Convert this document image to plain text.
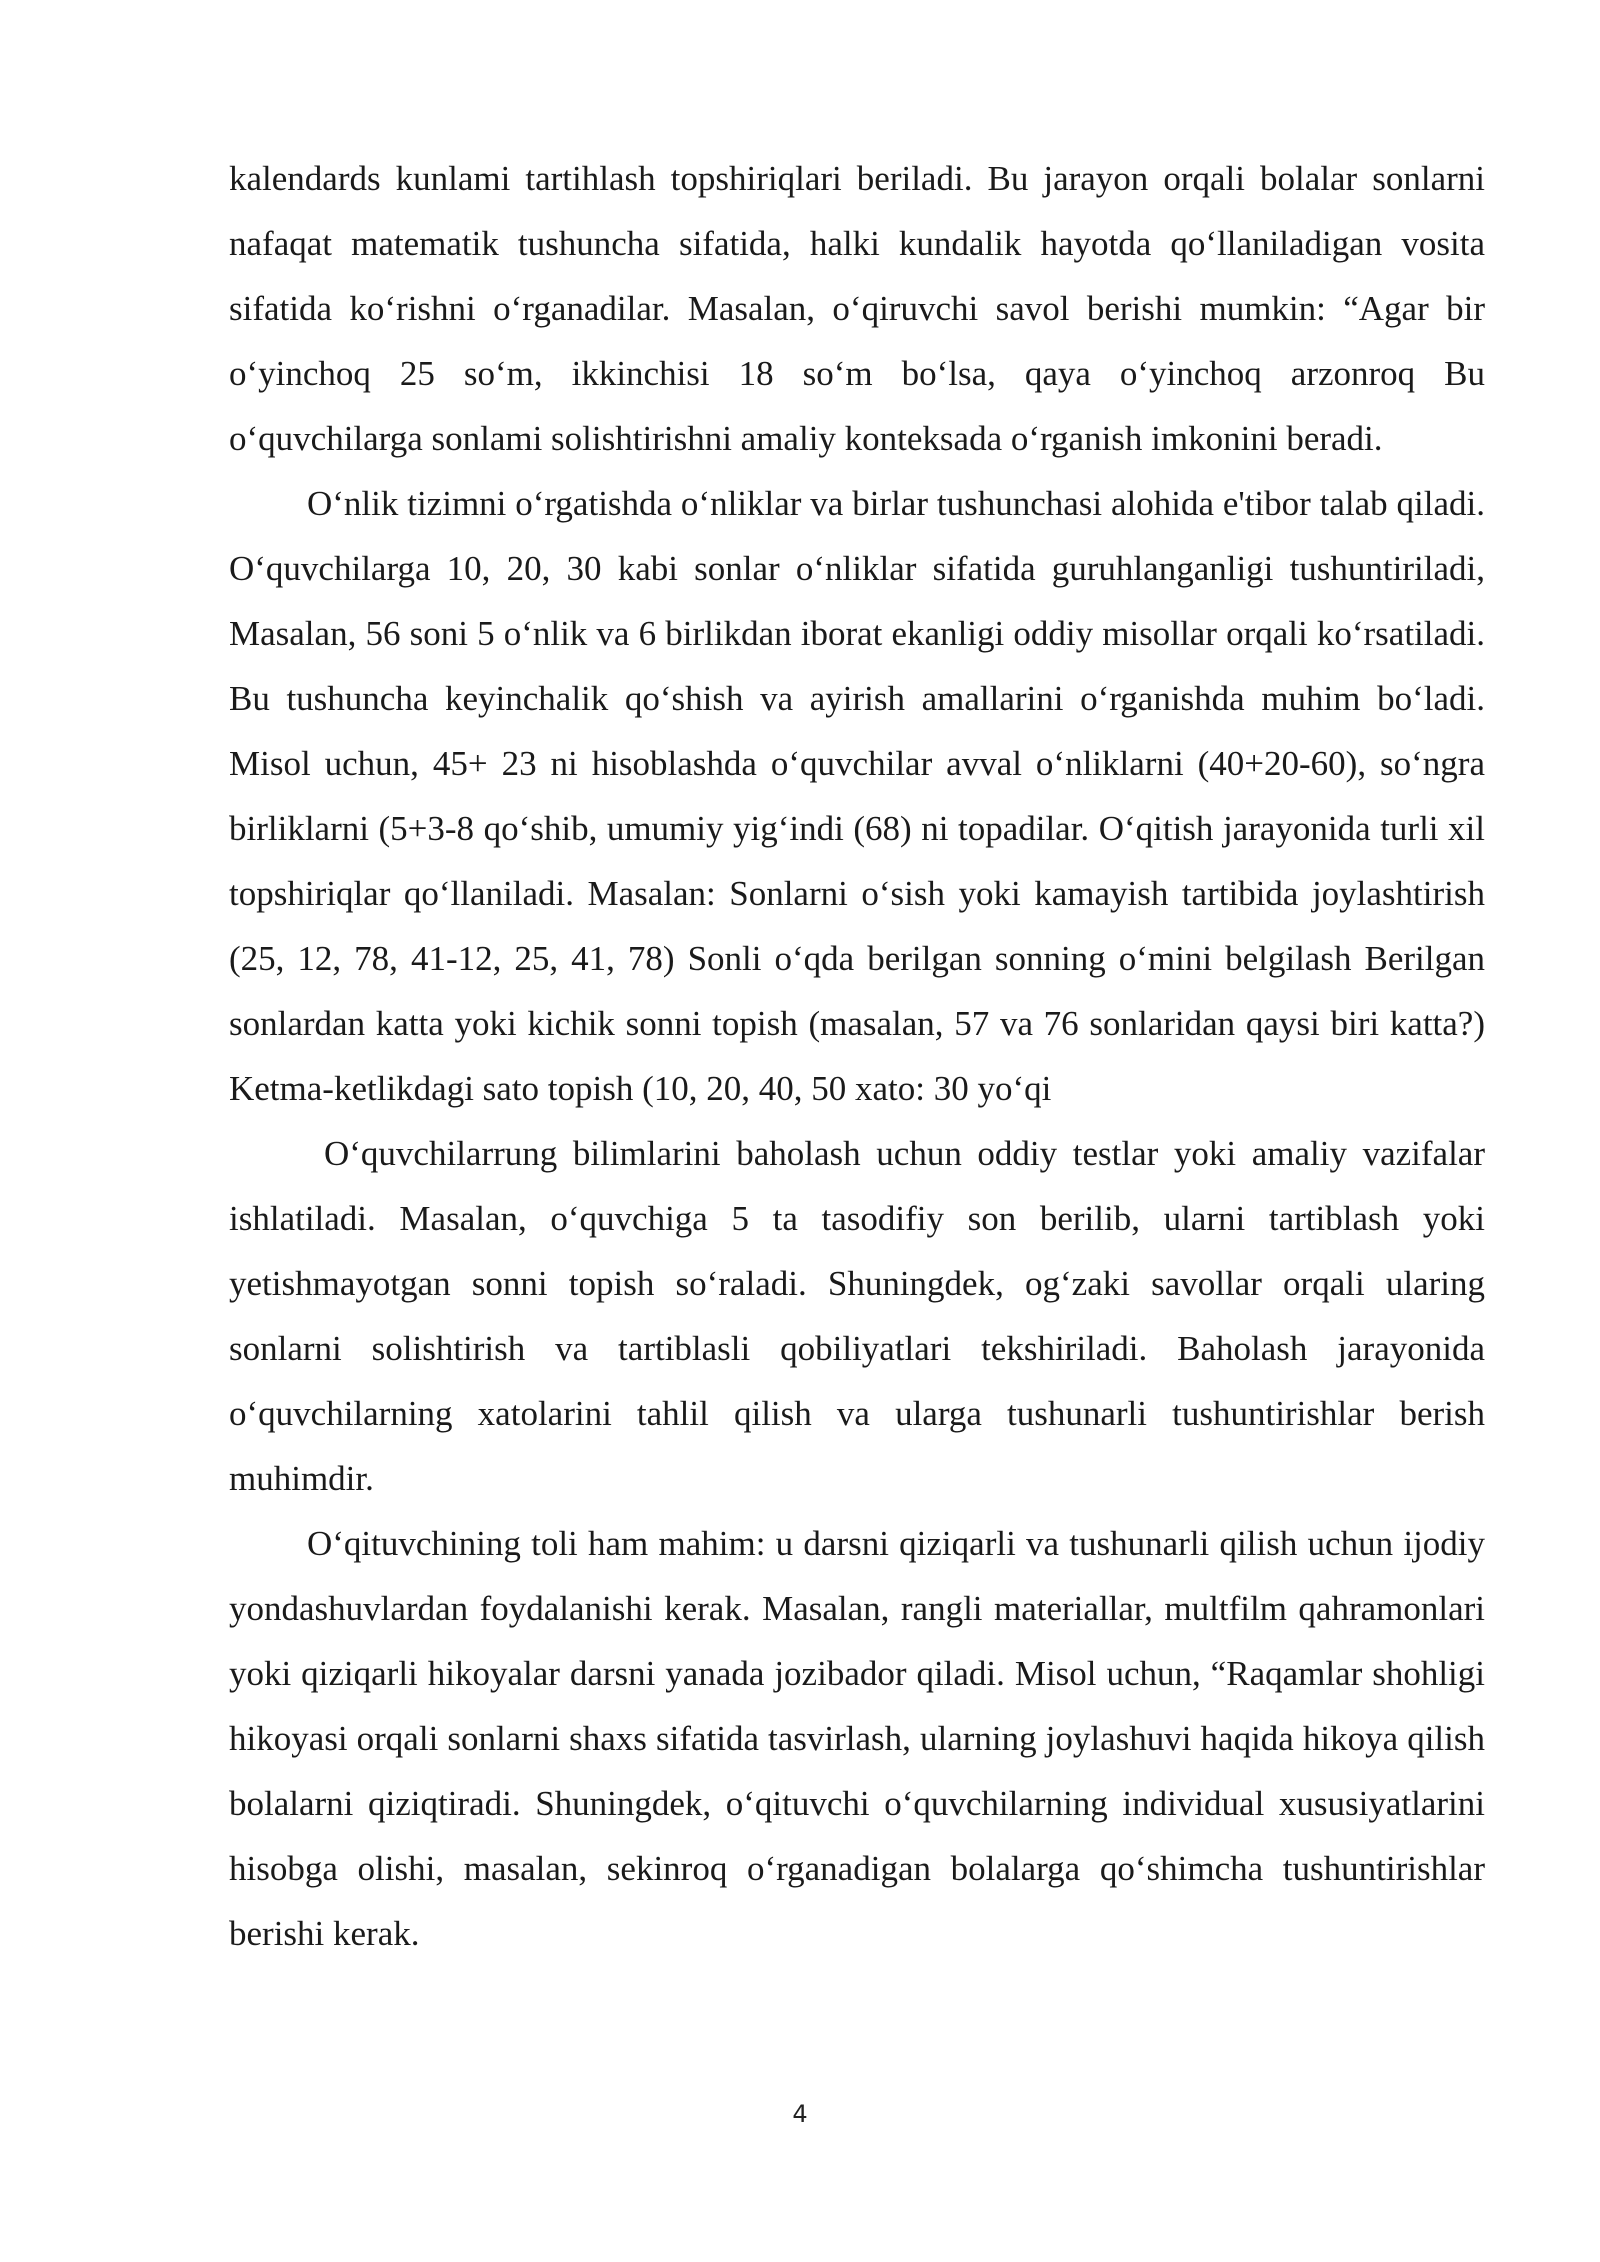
kalendards kunlami tartihlash topshiriqlari beriladi. Bu jarayon orqali bolalar sonlarni nafaqat matematik tushuncha sifatida, halki kundalik hayotda qo‘llaniladigan vosita sifatida ko‘rishni o‘rganadilar. Masalan, o‘qiruvchi savol berishi mumkin: “Agar bir o‘yinchoq 25 so‘m, ikkinchisi 18 so‘m bo‘lsa, qaya o‘yinchoq arzonroq Bu o‘quvchilarga sonlami solishtirishni amaliy konteksada o‘rganish imkonini beradi.

O‘nlik tizimni o‘rgatishda o‘nliklar va birlar tushunchasi alohida e'tibor talab qiladi. O‘quvchilarga 10, 20, 30 kabi sonlar o‘nliklar sifatida guruhlanganligi tushuntiriladi, Masalan, 56 soni 5 o‘nlik va 6 birlikdan iborat ekanligi oddiy misollar orqali ko‘rsatiladi. Bu tushuncha keyinchalik qo‘shish va ayirish amallarini o‘rganishda muhim bo‘ladi. Misol uchun, 45+ 23 ni hisoblashda o‘quvchilar avval o‘nliklarni (40+20-60), so‘ngra birliklarni (5+3-8 qo‘shib, umumiy yig‘indi (68) ni topadilar. O‘qitish jarayonida turli xil topshiriqlar qo‘llaniladi. Masalan: Sonlarni o‘sish yoki kamayish tartibida joylashtirish (25, 12, 78, 41-12, 25, 41, 78) Sonli o‘qda berilgan sonning o‘mini belgilash Berilgan sonlardan katta yoki kichik sonni topish (masalan, 57 va 76 sonlaridan qaysi biri katta?) Ketma-ketlikdagi sato topish (10, 20, 40, 50 xato: 30 yo‘qi

O‘quvchilarrung bilimlarini baholash uchun oddiy testlar yoki amaliy vazifalar ishlatiladi. Masalan, o‘quvchiga 5 ta tasodifiy son berilib, ularni tartiblash yoki yetishmayotgan sonni topish so‘raladi. Shuningdek, og‘zaki savollar orqali ularing sonlarni solishtirish va tartiblasli qobiliyatlari tekshiriladi. Baholash jarayonida o‘quvchilarning xatolarini tahlil qilish va ularga tushunarli tushuntirishlar berish muhimdir.

O‘qituvchining toli ham mahim: u darsni qiziqarli va tushunarli qilish uchun ijodiy yondashuvlardan foydalanishi kerak. Masalan, rangli materiallar, multfilm qahramonlari yoki qiziqarli hikoyalar darsni yanada jozibador qiladi. Misol uchun, “Raqamlar shohligi hikoyasi orqali sonlarni shaxs sifatida tasvirlash, ularning joylashuvi haqida hikoya qilish bolalarni qiziqtiradi. Shuningdek, o‘qituvchi o‘quvchilarning individual xususiyatlarini hisobga olishi, masalan, sekinroq o‘rganadigan bolalarga qo‘shimcha tushuntirishlar berishi kerak.

4
